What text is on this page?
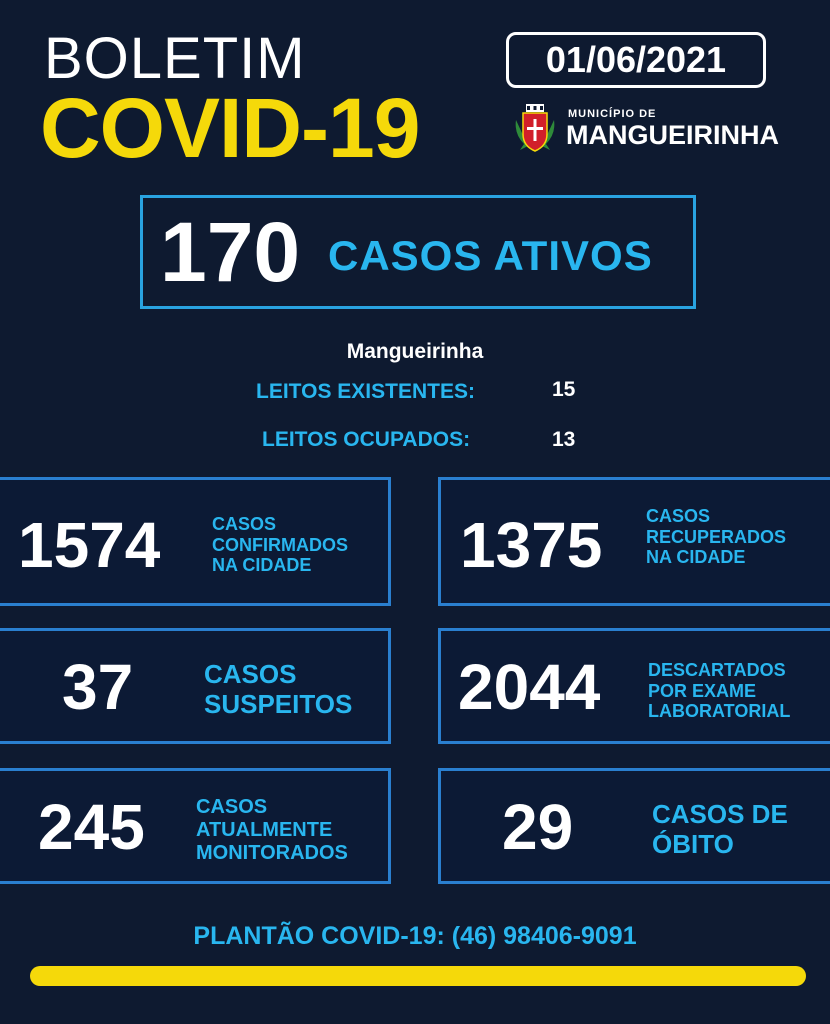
BOLETIM
COVID-19
01/06/2021
MUNICÍPIO DE
MANGUEIRINHA
170 CASOS ATIVOS
Mangueirinha
LEITOS EXISTENTES:	15
LEITOS OCUPADOS:	13
1574	CASOS
CONFIRMADOS
NA CIDADE	1375 CASOS
RECUPERADOS
NA CIDADE
37	CASOS
SUSPEITOS 2044	DESCARTADOS
POR EXAME
LABORATORIAL
245	CASOS
ATUALMENTE
MONITORADOS 29	CASOS DE
ÓBITO
PLANTÃO COVID-19: (46) 98406-9091
